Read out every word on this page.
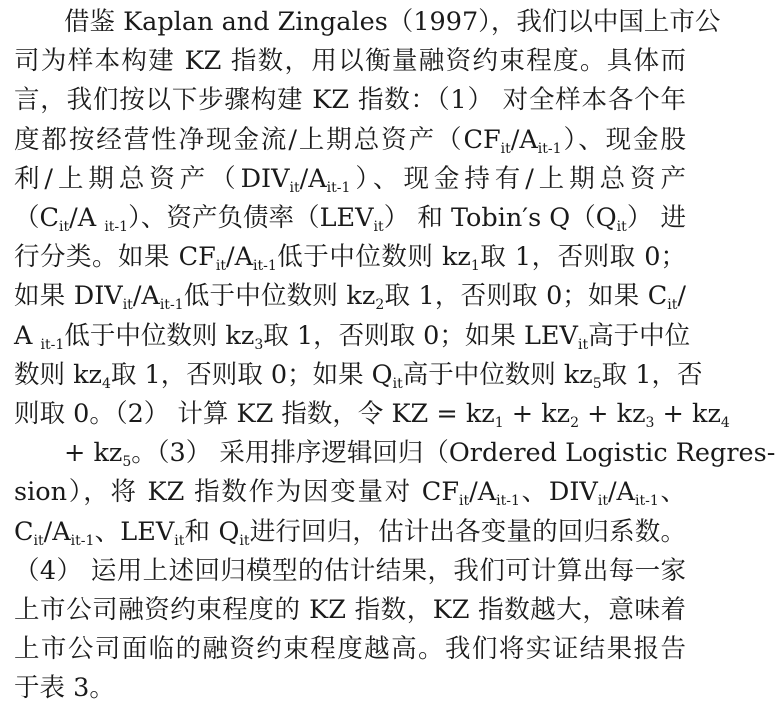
借鉴 Kaplan and Zingales（1997），我们以中国上市公
司为样本构建 KZ 指数，用以衡量融资约束程度。具体而
言，我们按以下步骤构建 KZ 指数：（1） 对全样本各个年
度都按经营性净现金流/上期总资产$(CF_{it}/A_{it-1})$、现金股
利/上期总资产$(DIV_{it}/A_{it-1})$、现金持有/上期总资产
（$C_{it}/A$ $_{it-1}$）、资产负债率$(LEV_{it})$ 和 Tobin′s $Q(Q_{it})$ 进
行分类。如果 $CF_{it}/A_{it-1}$低于中位数则 $kz_1$取 1，否则取 0；
如果 $DIV_{it}/A_{it-1}$低于中位数则 $kz_2$取 1，否则取 0；如果 $C_{it}/$
A $_{it-1}$低于中位数则 $kz_3$取 1，否则取 0；如果 $LEV_{it}$高于中位
数则 $kz_4$取 1，否则取 0；如果 $Q_{it}$高于中位数则 $kz_5$取 1，否
则取 0。（2） 计算 KZ 指数，令 KZ = $kz_1 + kz_2 + kz_3 + kz_4$
+ $kz_5$。（3） 采用排序逻辑回归（Ordered Logistic Regres-
sion），将 KZ 指数作为因变量对 $CF_{it}/A_{it-1}$、$DIV_{it}/A_{it-1}$、
$C_{it}/A_{it-1}$、$LEV_{it}$和 $Q_{it}$进行回归，估计出各变量的回归系数。
（4） 运用上述回归模型的估计结果，我们可计算出每一家
上市公司融资约束程度的 KZ 指数，KZ 指数越大，意味着
上市公司面临的融资约束程度越高。我们将实证结果报告
于表 3。
